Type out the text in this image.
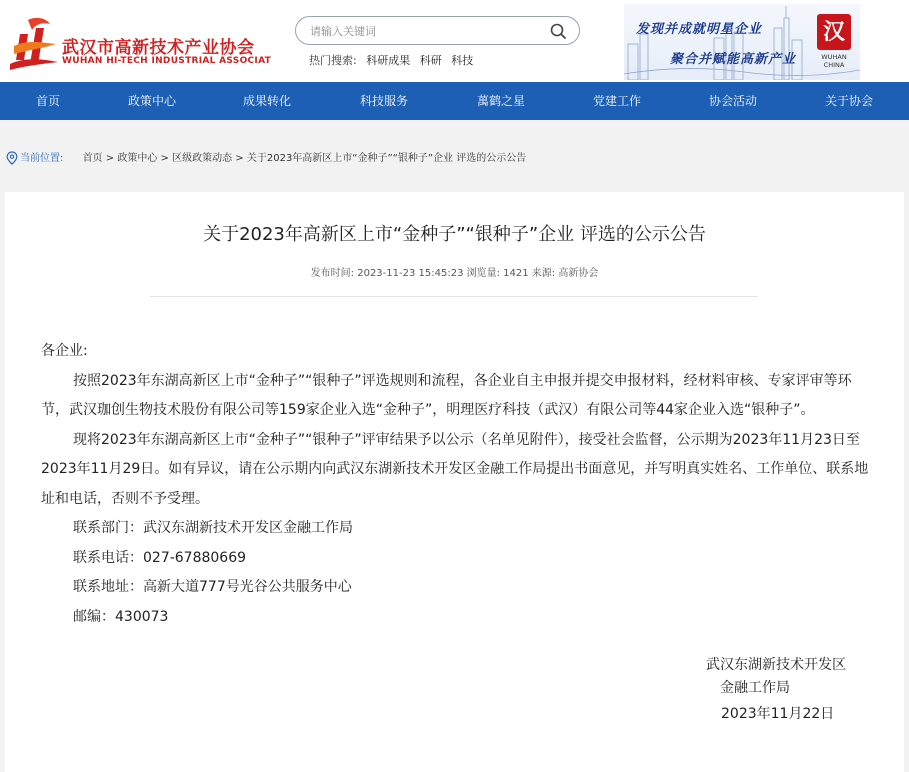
武汉市高新技术产业协会
WUHAN HI-TECH INDUSTRIAL ASSOCIAT
请输入关键词	热门搜索: 科研成果 科研 科技
发现并成就明星企业
聚合并赋能高新产业
汉
WUHAN CHINA
首页	政策中心	成果转化	科技服务	萬鹤之星	党建工作	协会活动	关于协会
当前位置: 首页 > 政策中心 > 区级政策动态 > 关于2023年高新区上市“金种子”“银种子”企业 评选的公示公告
关于2023年高新区上市“金种子”“银种子”企业 评选的公示公告
发布时间: 2023-11-23 15:45:23 浏览量: 1421 来源: 高新协会

各企业:

按照2023年东湖高新区上市“金种子”“银种子”评选规则和流程，各企业自主申报并提交申报材料，经材料审核、专家评审等环节，武汉珈创生物技术股份有限公司等159家企业入选“金种子”，明理医疗科技（武汉）有限公司等44家企业入选“银种子”。

现将2023年东湖高新区上市“金种子”“银种子”评审结果予以公示（名单见附件），接受社会监督，公示期为2023年11月23日至2023年11月29日。如有异议，请在公示期内向武汉东湖新技术开发区金融工作局提出书面意见，并写明真实姓名、工作单位、联系地址和电话，否则不予受理。

联系部门：武汉东湖新技术开发区金融工作局

联系电话：027-67880669

联系地址：高新大道777号光谷公共服务中心

邮编：430073

武汉东湖新技术开发区
金融工作局
2023年11月22日
